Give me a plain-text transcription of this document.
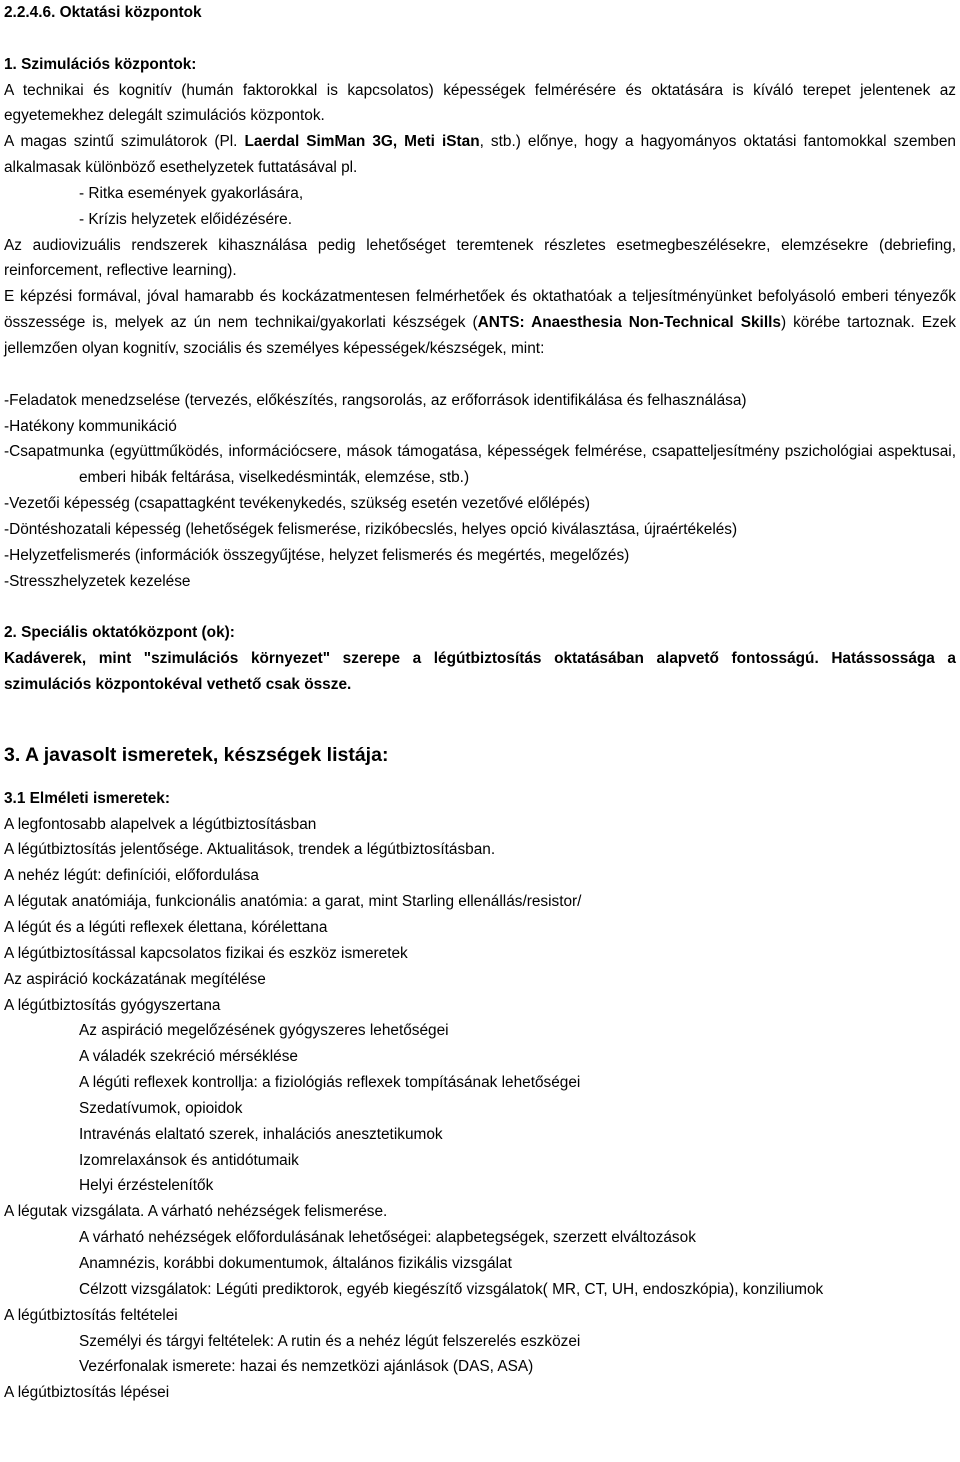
2.2.4.6. Oktatási központok

1. Szimulációs központok:

A technikai és kognitív (humán faktorokkal is kapcsolatos) képességek felmérésére és oktatására is kíváló terepet jelentenek az egyetemekhez delegált szimulációs központok.

A magas szintű szimulátorok (Pl. Laerdal SimMan 3G, Meti iStan, stb.) előnye, hogy a hagyományos oktatási fantomokkal szemben alkalmasak különböző esethelyzetek futtatásával pl.

- Ritka események gyakorlására,

- Krízis helyzetek előidézésére.

Az audiovizuális rendszerek kihasználása pedig lehetőséget teremtenek részletes esetmegbeszélésekre, elemzésekre (debriefing, reinforcement, reflective learning).

E képzési formával, jóval hamarabb és kockázatmentesen felmérhetőek és oktathatóak a teljesítményünket befolyásoló emberi tényezők összessége is, melyek az ún nem technikai/gyakorlati készségek (ANTS: Anaesthesia Non-Technical Skills) körébe tartoznak. Ezek jellemzően olyan kognitív, szociális és személyes képességek/készségek, mint:

-Feladatok menedzselése (tervezés, előkészítés, rangsorolás, az erőforrások identifikálása és felhasználása)

-Hatékony kommunikáció

-Csapatmunka (együttműködés, információcsere, mások támogatása, képességek felmérése, csapatteljesítmény pszichológiai aspektusai, emberi hibák feltárása, viselkedésminták, elemzése, stb.)

-Vezetői képesség (csapattagként tevékenykedés, szükség esetén vezetővé előlépés)

-Döntéshozatali képesség (lehetőségek felismerése, rizikóbecslés, helyes opció kiválasztása, újraértékelés)

-Helyzetfelismerés (információk összegyűjtése, helyzet felismerés és megértés, megelőzés)

-Stresszhelyzetek kezelése

2. Speciális oktatóközpont (ok):

Kadáverek, mint "szimulációs környezet" szerepe a légútbiztosítás oktatásában alapvető fontosságú. Hatássossága a szimulációs központokéval vethető csak össze.

3. A javasolt ismeretek, készségek listája:

3.1 Elméleti ismeretek:

A legfontosabb alapelvek a légútbiztosításban

A légútbiztosítás jelentősége. Aktualitások, trendek a légútbiztosításban.

A nehéz légút: definíciói, előfordulása

A légutak anatómiája, funkcionális anatómia: a garat, mint Starling ellenállás/resistor/

A légút és a légúti reflexek élettana, kórélettana

A légútbiztosítással kapcsolatos fizikai és eszköz ismeretek

Az aspiráció kockázatának megítélése

A légútbiztosítás gyógyszertana

Az aspiráció megelőzésének gyógyszeres lehetőségei

A váladék szekréció mérséklése

A légúti reflexek kontrollja: a fiziológiás reflexek tompításának lehetőségei

Szedatívumok, opioidok

Intravénás elaltató szerek, inhalációs anesztetikumok

Izomrelaxánsok és antidótumaik

Helyi érzéstelenítők

A légutak vizsgálata. A várható nehézségek felismerése.

A várható nehézségek előfordulásának lehetőségei: alapbetegségek, szerzett elváltozások

Anamnézis, korábbi dokumentumok, általános fizikális vizsgálat

Célzott vizsgálatok: Légúti prediktorok, egyéb kiegészítő vizsgálatok( MR, CT, UH, endoszkópia), konziliumok

A légútbiztosítás feltételei

Személyi és tárgyi feltételek: A rutin és a nehéz légút felszerelés eszközei

Vezérfonalak ismerete: hazai és nemzetközi ajánlások (DAS, ASA)

A légútbiztosítás lépései
